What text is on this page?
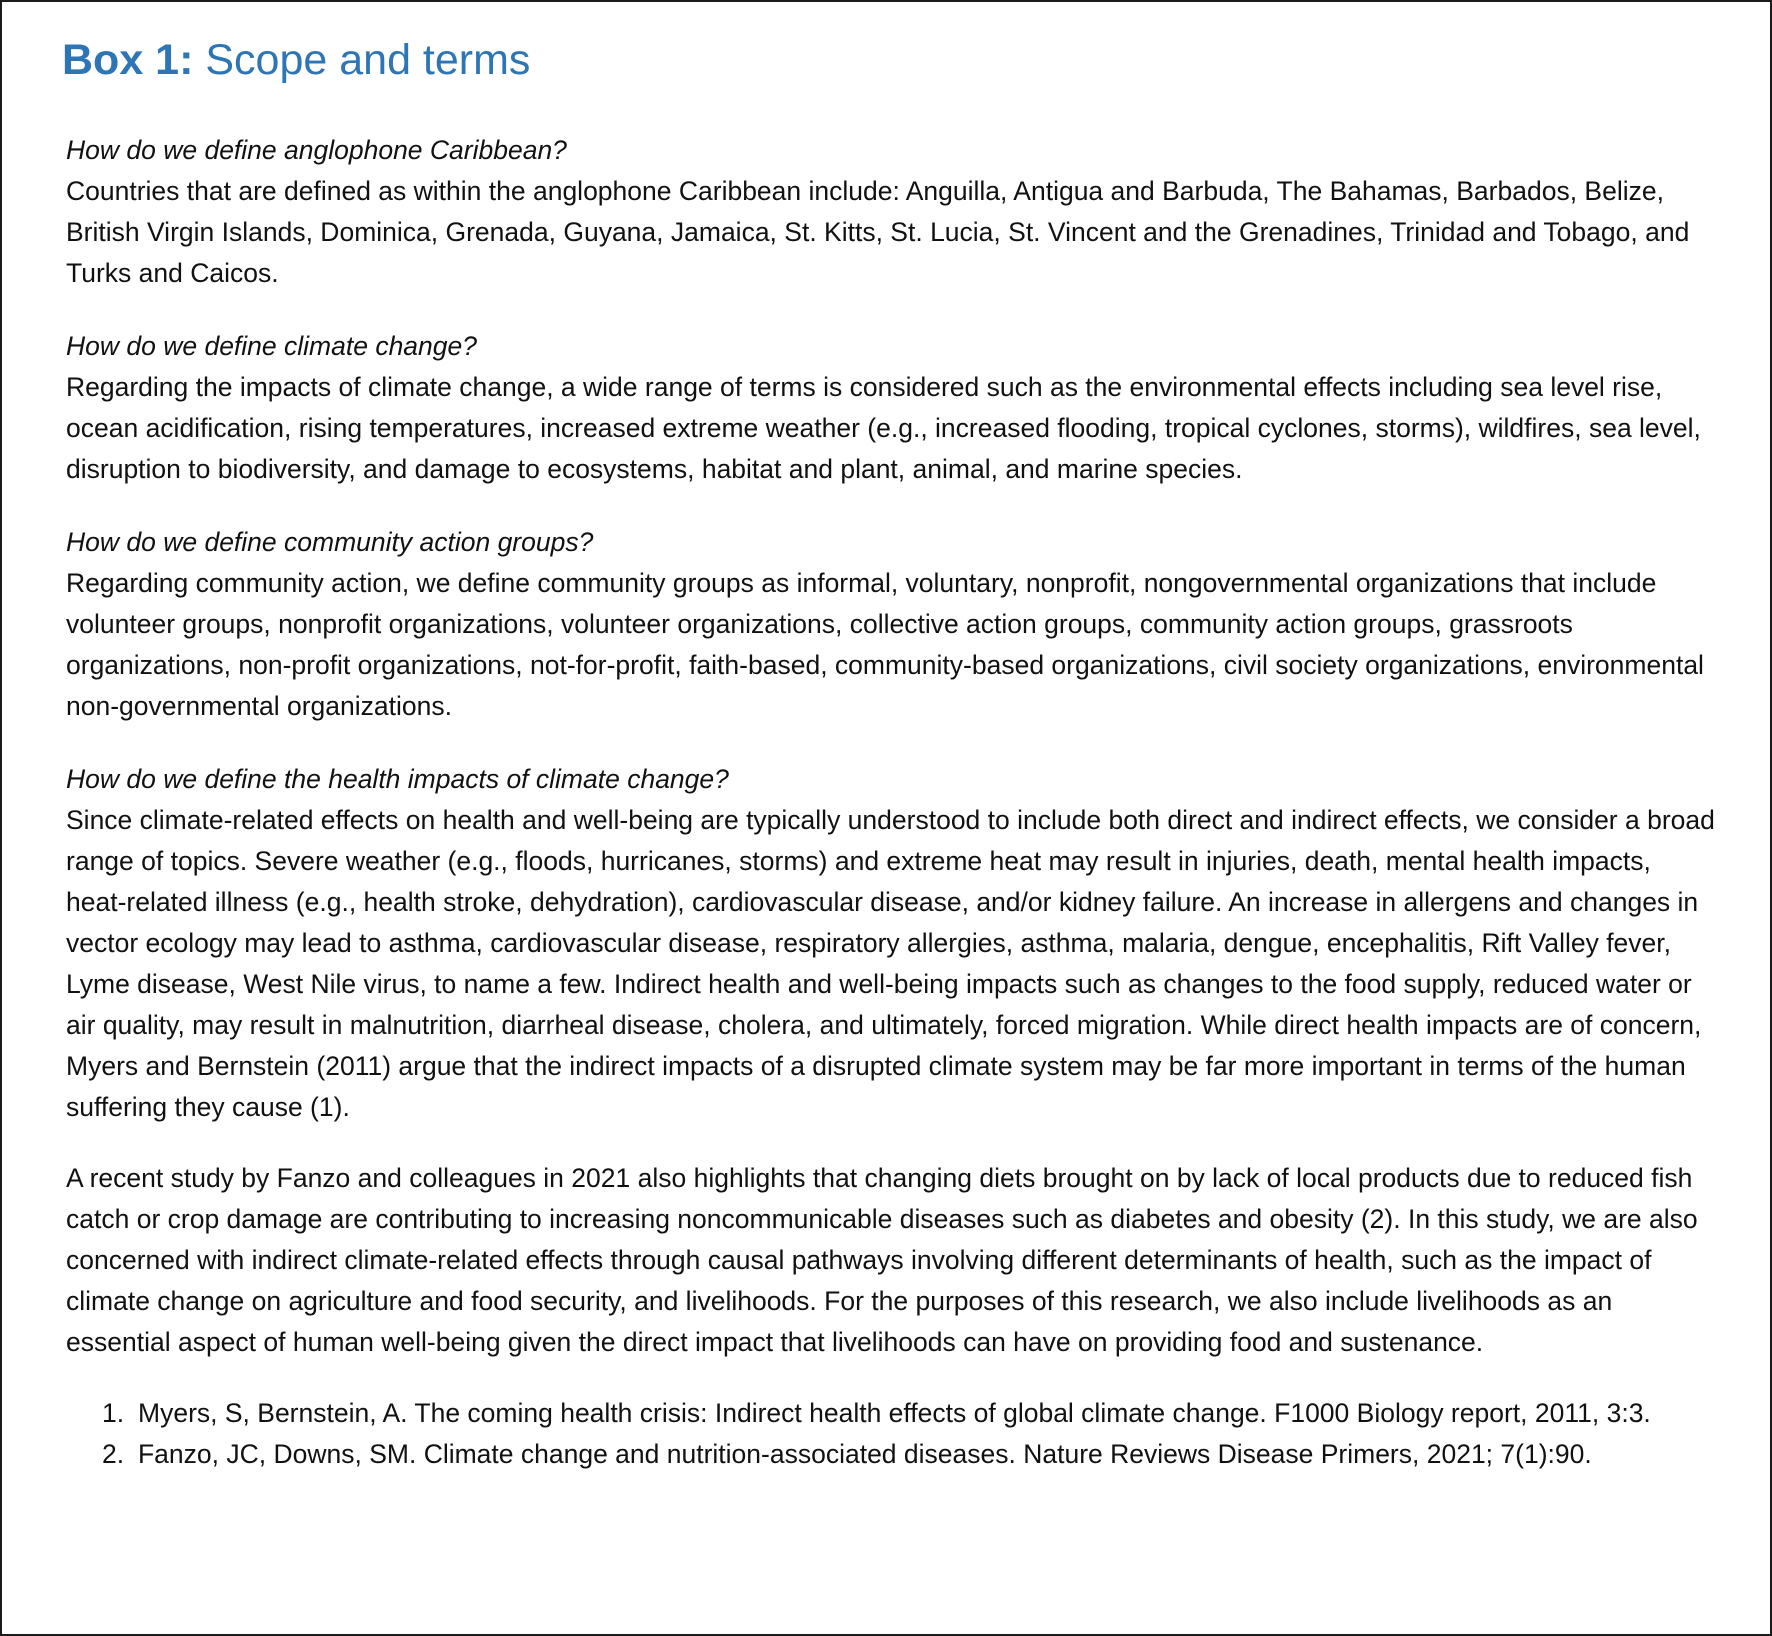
Box 1: Scope and terms

How do we define anglophone Caribbean?

Countries that are defined as within the anglophone Caribbean include: Anguilla, Antigua and Barbuda, The Bahamas, Barbados, Belize, British Virgin Islands, Dominica, Grenada, Guyana, Jamaica, St. Kitts, St. Lucia, St. Vincent and the Grenadines, Trinidad and Tobago, and Turks and Caicos.

How do we define climate change?

Regarding the impacts of climate change, a wide range of terms is considered such as the environmental effects including sea level rise, ocean acidification, rising temperatures, increased extreme weather (e.g., increased flooding, tropical cyclones, storms), wildfires, sea level, disruption to biodiversity, and damage to ecosystems, habitat and plant, animal, and marine species.

How do we define community action groups?

Regarding community action, we define community groups as informal, voluntary, nonprofit, nongovernmental organizations that include volunteer groups, nonprofit organizations, volunteer organizations, collective action groups, community action groups, grassroots organizations, non-profit organizations, not-for-profit, faith-based, community-based organizations, civil society organizations, environmental non-governmental organizations.

How do we define the health impacts of climate change?

Since climate-related effects on health and well-being are typically understood to include both direct and indirect effects, we consider a broad range of topics. Severe weather (e.g., floods, hurricanes, storms) and extreme heat may result in injuries, death, mental health impacts, heat-related illness (e.g., health stroke, dehydration), cardiovascular disease, and/or kidney failure. An increase in allergens and changes in vector ecology may lead to asthma, cardiovascular disease, respiratory allergies, asthma, malaria, dengue, encephalitis, Rift Valley fever, Lyme disease, West Nile virus, to name a few. Indirect health and well-being impacts such as changes to the food supply, reduced water or air quality, may result in malnutrition, diarrheal disease, cholera, and ultimately, forced migration. While direct health impacts are of concern, Myers and Bernstein (2011) argue that the indirect impacts of a disrupted climate system may be far more important in terms of the human suffering they cause (1).

A recent study by Fanzo and colleagues in 2021 also highlights that changing diets brought on by lack of local products due to reduced fish catch or crop damage are contributing to increasing noncommunicable diseases such as diabetes and obesity (2). In this study, we are also concerned with indirect climate-related effects through causal pathways involving different determinants of health, such as the impact of climate change on agriculture and food security, and livelihoods. For the purposes of this research, we also include livelihoods as an essential aspect of human well-being given the direct impact that livelihoods can have on providing food and sustenance.

1. Myers, S, Bernstein, A. The coming health crisis: Indirect health effects of global climate change. F1000 Biology report, 2011, 3:3.
2. Fanzo, JC, Downs, SM. Climate change and nutrition-associated diseases. Nature Reviews Disease Primers, 2021; 7(1):90.
